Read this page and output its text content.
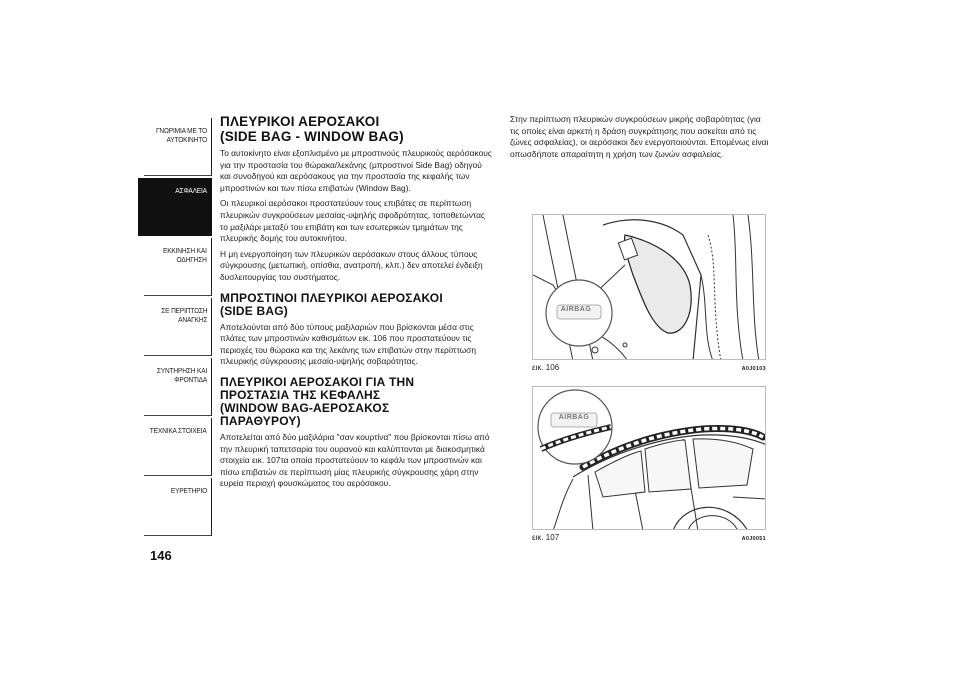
ΓΝΩΡΙΜΙΑ ΜΕ ΤΟ
ΑΥΤΟΚΙΝΗΤΟ
ΑΣΦΑΛΕΙΑ
ΕΚΚΙΝΗΣΗ ΚΑΙ
ΟΔΗΓΗΣΗ
ΣΕ ΠΕΡΙΠΤΩΣΗ
ΑΝΑΓΚΗΣ
ΣΥΝΤΗΡΗΣΗ ΚΑΙ
ΦΡΟΝΤΙΔΑ
ΤΕΧΝΙΚΑ ΣΤΟΙΧΕΙΑ
ΕΥΡΕΤΗΡΙΟ
146
ΠΛΕΥΡΙΚΟΙ ΑΕΡΟΣΑΚΟΙ
(SIDE BAG - WINDOW BAG)

Το αυτοκίνητο είναι εξοπλισμένο με μπροστινούς πλευρικούς αερόσακους για την προστασία του θώρακα/λεκάνης (μπροστινοί Side Bag) οδηγού και συνοδηγού και αερόσακους για την προστασία της κεφαλής των μπροστινών και των πίσω επιβατών (Window Bag).

Οι πλευρικοί αερόσακοι προστατεύουν τους επιβάτες σε περίπτωση πλευρικών συγκρούσεων μεσαίας-υψηλής σφοδρότητας, τοποθετώντας το μαξιλάρι μεταξύ του επιβάτη και των εσωτερικών τμημάτων της πλευρικής δομής του αυτοκινήτου.

Η μη ενεργοποίηση των πλευρικών αερόσακων στους άλλους τύπους σύγκρουσης (μετωπική, οπίσθια, ανατροπή, κλπ.) δεν αποτελεί ένδειξη δυσλειτουργίας του συστήματος.

ΜΠΡΟΣΤΙΝΟΙ ΠΛΕΥΡΙΚΟΙ ΑΕΡΟΣΑΚΟΙ
(SIDE BAG)

Αποτελούνται από δύο τύπους μαξιλαριών που βρίσκονται μέσα στις πλάτες των μπροστινών καθισμάτων εικ. 106 που προστατεύουν τις περιοχές του θώρακα και της λεκάνης των επιβατών στην περίπτωση πλευρικής σύγκρουσης μεσαίο-υψηλής σοβαρότητας.

ΠΛΕΥΡΙΚΟΙ ΑΕΡΟΣΑΚΟΙ ΓΙΑ ΤΗΝ
ΠΡΟΣΤΑΣΙΑ ΤΗΣ ΚΕΦΑΛΗΣ
(WINDOW BAG-ΑΕΡΟΣΑΚΟΣ
ΠΑΡΑΘΥΡΟΥ)

Αποτελείται από δύο μαξιλάρια "σαν κουρτίνα" που βρίσκονται πίσω από την πλευρική ταπετσαρία του ουρανού και καλύπτονται με διακοσμητικά στοιχεία εικ. 107τα οποία προστατεύουν το κεφάλι των μπροστινών και πίσω επιβατών σε περίπτωση μίας πλευρικής σύγκρουσης χάρη στην ευρεία περιοχή φουσκώματος του αερόσακου.

Στην περίπτωση πλευρικών συγκρούσεων μικρής σοβαρότητας (για τις οποίες είναι αρκετή η δράση συγκράτησης που ασκείται από τις ζώνες ασφαλείας), οι αερόσακοι δεν ενεργοποιούνται. Επομένως είναι οπωσδήποτε απαραίτητη η χρήση των ζωνών ασφαλείας.

AIRBAG
εικ. 106	A0J0103
AIRBAG
εικ. 107	A0J0051
